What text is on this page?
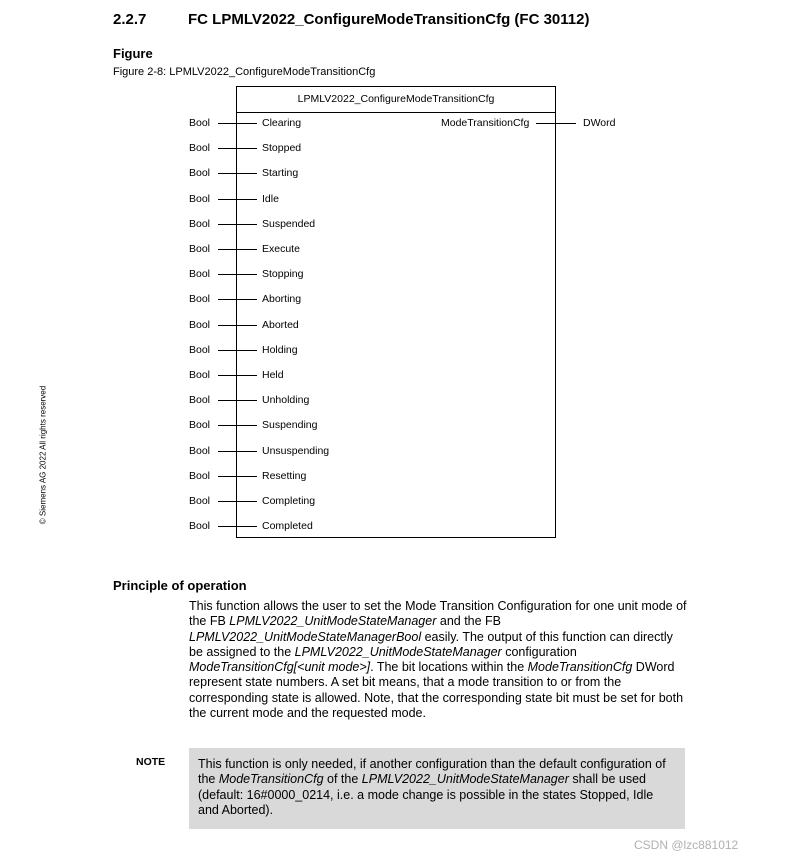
2.2.7	FC LPMLV2022_ConfigureModeTransitionCfg (FC 30112)
Figure
Figure 2-8: LPMLV2022_ConfigureModeTransitionCfg
LPMLV2022_ConfigureModeTransitionCfg
Bool	Clearing
Bool	Stopped
Bool	Starting
Bool	Idle
Bool	Suspended
Bool	Execute
Bool	Stopping
Bool	Aborting
Bool	Aborted
Bool	Holding
Bool	Held
Bool	Unholding
Bool	Suspending
Bool	Unsuspending
Bool	Resetting
Bool	Completing
Bool	Completed
ModeTransitionCfg	DWord
© Siemens AG 2022 All rights reserved
Principle of operation
This function allows the user to set the Mode Transition Configuration for one unit mode of the FB LPMLV2022_UnitModeStateManager and the FB LPMLV2022_UnitModeStateManagerBool easily. The output of this function can directly be assigned to the LPMLV2022_UnitModeStateManager configuration ModeTransitionCfg[<unit mode>]. The bit locations within the ModeTransitionCfg DWord represent state numbers. A set bit means, that a mode transition to or from the corresponding state is allowed. Note, that the corresponding state bit must be set for both the current mode and the requested mode.
NOTE	This function is only needed, if another configuration than the default configuration of the ModeTransitionCfg of the LPMLV2022_UnitModeStateManager shall be used (default: 16#0000_0214, i.e. a mode change is possible in the states Stopped, Idle and Aborted).
CSDN @lzc881012
